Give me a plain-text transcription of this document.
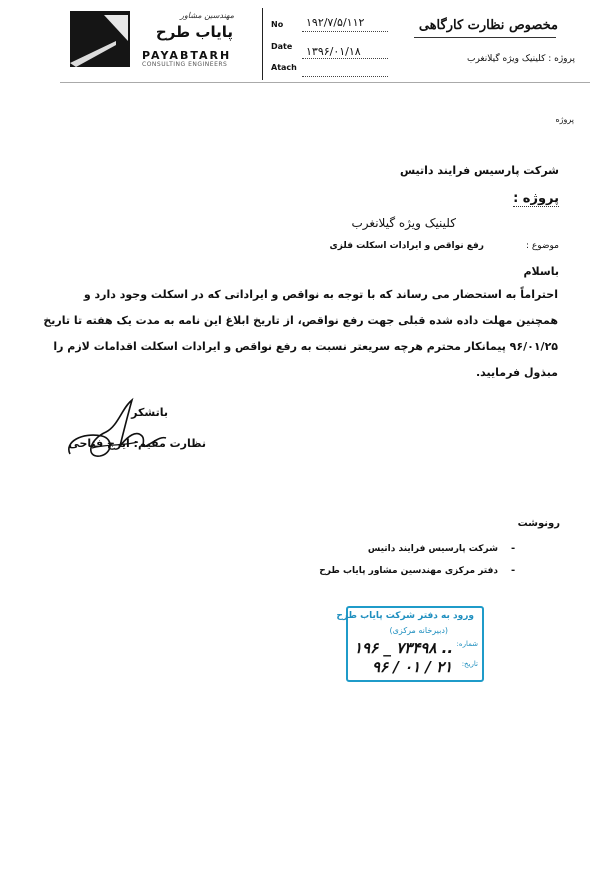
مهندسین مشاور
پایاب طرح
PAYABTARH
CONSULTING ENGINEERS
No ۱۹۲/۷/۵/۱۱۲
Date ۱۳۹۶/۰۱/۱۸
Atach
مخصوص نظارت کارگاهی
پروژه : کلینیک ویژه گیلانغرب
پروژه
شرکت پارسیس فرایند داتیس
پروژه :
کلینیک ویژه گیلانغرب
موضوع :
رفع نواقص و ایرادات اسکلت فلزی
باسلام
احتراماً به استحضار می رساند که با توجه به نواقص و ایراداتی که در اسکلت وجود دارد و
همچنین مهلت داده شده قبلی جهت رفع نواقص، از تاریخ ابلاغ این نامه به مدت یک هفته تا تاریخ
۹۶/۰۱/۲۵ پیمانکار محترم هرچه سریعتر نسبت به رفع نواقص و ایرادات اسکلت اقدامات لازم را
مبذول فرمایید.
باتشکر
نظارت مقیم: ایرج فتاحی
رونوشت
-
شرکت پارسیس فرایند داتیس
-
دفتر مرکزی مهندسین مشاور پایاب طرح
ورود به دفتر شرکت پایاب طرح
(دبیرخانه مرکزی)
شماره:
تاریخ:
۱۹۶ _ ۷۳۴۹۸ ..
۹۶ / ۰۱ / ۲۱
